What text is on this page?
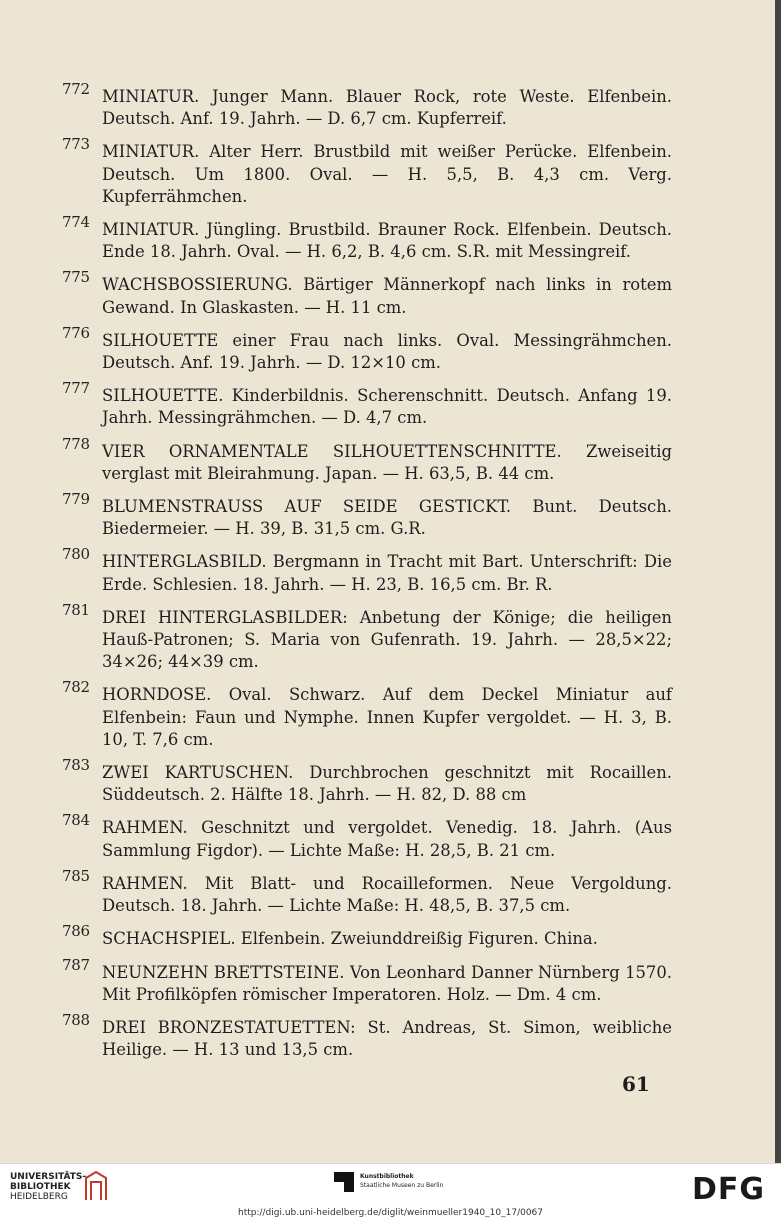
772 MINIATUR. Junger Mann. Blauer Rock, rote Weste. Elfenbein. Deutsch. Anf. 19. Jahrh. — D. 6,7 cm. Kupferreif.
773 MINIATUR. Alter Herr. Brustbild mit weißer Perücke. Elfenbein. Deutsch. Um 1800. Oval. — H. 5,5, B. 4,3 cm. Verg. Kupferrähmchen.
774 MINIATUR. Jüngling. Brustbild. Brauner Rock. Elfenbein. Deutsch. Ende 18. Jahrh. Oval. — H. 6,2, B. 4,6 cm. S.R. mit Messingreif.
775 WACHSBOSSIERUNG. Bärtiger Männerkopf nach links in rotem Gewand. In Glaskasten. — H. 11 cm.
776 SILHOUETTE einer Frau nach links. Oval. Messingrähmchen. Deutsch. Anf. 19. Jahrh. — D. 12×10 cm.
777 SILHOUETTE. Kinderbildnis. Scherenschnitt. Deutsch. Anfang 19. Jahrh. Messingrähmchen. — D. 4,7 cm.
778 VIER ORNAMENTALE SILHOUETTENSCHNITTE. Zweiseitig verglast mit Bleirahmung. Japan. — H. 63,5, B. 44 cm.
779 BLUMENSTRAUSS AUF SEIDE GESTICKT. Bunt. Deutsch. Biedermeier. — H. 39, B. 31,5 cm. G.R.
780 HINTERGLASBILD. Bergmann in Tracht mit Bart. Unterschrift: Die Erde. Schlesien. 18. Jahrh. — H. 23, B. 16,5 cm. Br. R.
781 DREI HINTERGLASBILDER: Anbetung der Könige; die heiligen Hauß-Patronen; S. Maria von Gufenrath. 19. Jahrh. — 28,5×22; 34×26; 44×39 cm.
782 HORNDOSE. Oval. Schwarz. Auf dem Deckel Miniatur auf Elfenbein: Faun und Nymphe. Innen Kupfer vergoldet. — H. 3, B. 10, T. 7,6 cm.
783 ZWEI KARTUSCHEN. Durchbrochen geschnitzt mit Rocaillen. Süddeutsch. 2. Hälfte 18. Jahrh. — H. 82, D. 88 cm
784 RAHMEN. Geschnitzt und vergoldet. Venedig. 18. Jahrh. (Aus Sammlung Figdor). — Lichte Maße: H. 28,5, B. 21 cm.
785 RAHMEN. Mit Blatt- und Rocailleformen. Neue Vergoldung. Deutsch. 18. Jahrh. — Lichte Maße: H. 48,5, B. 37,5 cm.
786 SCHACHSPIEL. Elfenbein. Zweiunddreißig Figuren. China.
787 NEUNZEHN BRETTSTEINE. Von Leonhard Danner Nürnberg 1570. Mit Profilköpfen römischer Imperatoren. Holz. — Dm. 4 cm.
788 DREI BRONZESTATUETTEN: St. Andreas, St. Simon, weibliche Heilige. — H. 13 und 13,5 cm.
61
UNIVERSITÄTS-
BIBLIOTHEK
HEIDELBERG
Kunstbibliothek
Staatliche Museen zu Berlin	DFG
http://digi.ub.uni-heidelberg.de/diglit/weinmueller1940_10_17/0067
